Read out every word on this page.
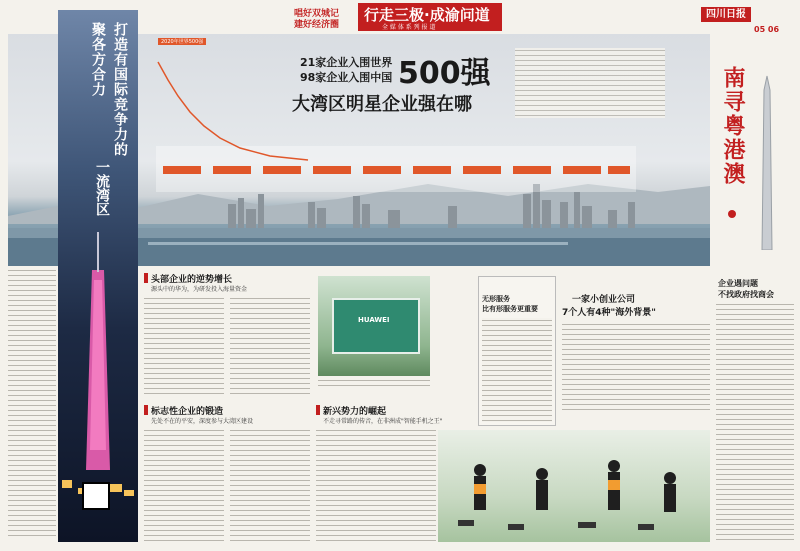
唱好双城记
建好经济圈
行走三极·成渝问道
全 媒 体 系 列 报 道
四川日报
05 06
2020年世界500强
21家企业入围世界
98家企业入围中国 500强
大湾区明星企业强在哪
打造有国际竞争力的
一流湾区
聚各方合力
南寻粤港澳
企业遇问题
不找政府找商会
头部企业的逆势增长
源头中的华为，为研发投入海量资金
HUAWEI
标志性企业的锻造
先处不在的平安，深度参与大湾区建设
新兴势力的崛起
不走寻常路的传音，在非洲成"智能手机之王"
无形服务
比有形服务更重要
一家小创业公司
7个人有4种"海外背景"
